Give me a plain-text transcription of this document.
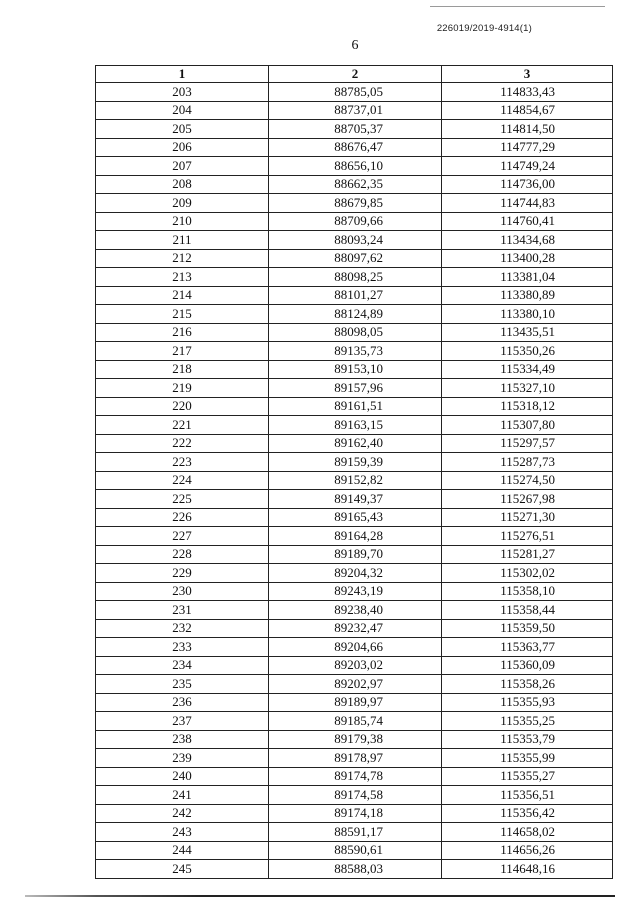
226019/2019-4914(1)
6
1	2	3
203	88785,05	114833,43
204	88737,01	114854,67
205	88705,37	114814,50
206	88676,47	114777,29
207	88656,10	114749,24
208	88662,35	114736,00
209	88679,85	114744,83
210	88709,66	114760,41
211	88093,24	113434,68
212	88097,62	113400,28
213	88098,25	113381,04
214	88101,27	113380,89
215	88124,89	113380,10
216	88098,05	113435,51
217	89135,73	115350,26
218	89153,10	115334,49
219	89157,96	115327,10
220	89161,51	115318,12
221	89163,15	115307,80
222	89162,40	115297,57
223	89159,39	115287,73
224	89152,82	115274,50
225	89149,37	115267,98
226	89165,43	115271,30
227	89164,28	115276,51
228	89189,70	115281,27
229	89204,32	115302,02
230	89243,19	115358,10
231	89238,40	115358,44
232	89232,47	115359,50
233	89204,66	115363,77
234	89203,02	115360,09
235	89202,97	115358,26
236	89189,97	115355,93
237	89185,74	115355,25
238	89179,38	115353,79
239	89178,97	115355,99
240	89174,78	115355,27
241	89174,58	115356,51
242	89174,18	115356,42
243	88591,17	114658,02
244	88590,61	114656,26
245	88588,03	114648,16
